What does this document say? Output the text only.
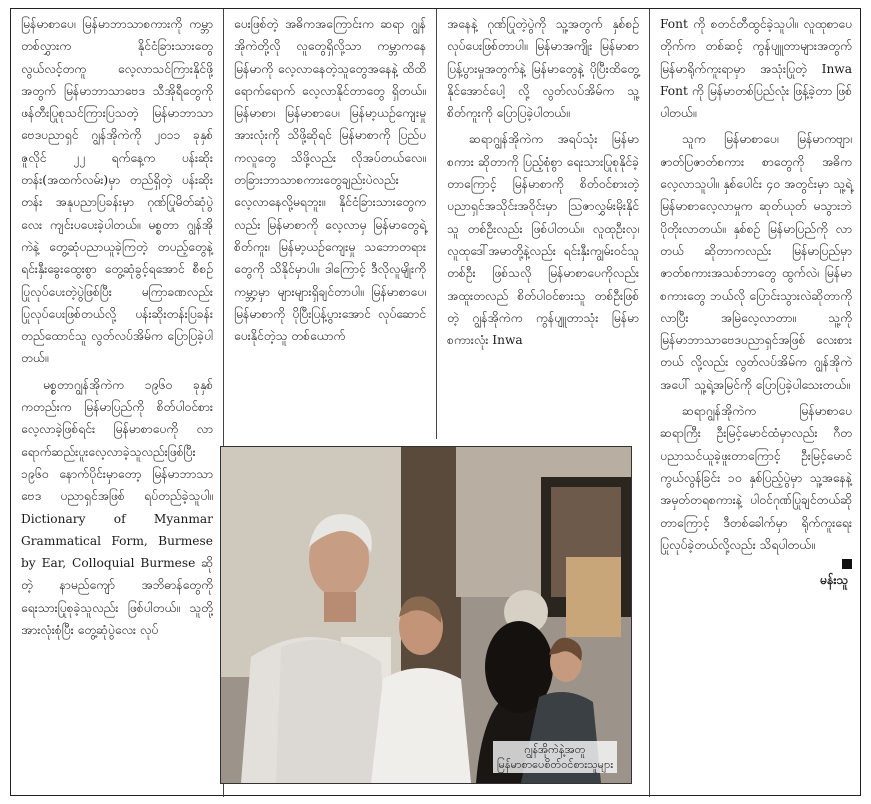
မြန်မာစာပေ၊ မြန်မာဘာသာစကားကို ကမ္ဘာတစ်လွှားက နိုင်ငံခြားသားတွေ လွယ်လင့်တကူ လေ့လာသင်ကြားနိုင်ဖို့အတွက် မြန်မာဘာသာဗေဒ သီအိုရီတွေကို ဖန်တီးပြုစုသင်ကြားပြသတဲ့ မြန်မာဘာသာဗေဒပညာရှင် ဂျွန်အိုကဲကို ၂၀၁၁ ခုနှစ် ဇူလိုင် ၂၂ ရက်နေ့က ပန်းဆိုးတန်း(အထက်လမ်း)မှာ တည်ရှိတဲ့ ပန်းဆိုးတန်း အနုပညာပြခန်းမှာ ဂုဏ်ပြုမိတ်ဆုံပွဲလေး ကျင်းပပေးခဲ့ပါတယ်။ မစ္စတာ ဂျွန်အိုကဲနဲ့ တွေ့ဆုံပညာယူခဲ့ကြတဲ့ တပည့်တွေနဲ့ ရင်းနှီးခွေးထွေးစွာ တွေ့ဆုံခွင့်ရအောင် စီစဉ်ပြုလုပ်ပေးတဲ့ပွဲဖြစ်ပြီး မကြာခဏလည်း ပြုလုပ်ပေးဖြစ်တယ်လို့ ပန်းဆိုးတန်းပြခန်း တည်ထောင်သူ လွတ်လပ်အိမ်က ပြောပြခဲ့ပါတယ်။

မစ္စတာဂျွန်အိုကဲက ၁၉၆၀ ခုနှစ်ကတည်းက မြန်မာပြည်ကို စိတ်ပါဝင်စားလေ့လာခဲ့ဖြစ်ရင်း မြန်မာစာပေကို လာရောက်ဆည်းပူးလေ့လာခဲ့သူလည်းဖြစ်ပြီး ၁၉၆၀ နောက်ပိုင်းမှာတော့ မြန်မာဘာသာဗေဒ ပညာရှင်အဖြစ် ရပ်တည်ခဲ့သူပါ။ Dictionary of Myanmar Grammatical Form, Burmese by Ear, Colloquial Burmese ဆိုတဲ့ နာမည်ကျော် အဘိဓာန်တွေကို ရေးသားပြုစုခဲ့သူလည်း ဖြစ်ပါတယ်။ သူတို့အားလုံးစုံပြီး တွေ့ဆုံပွဲလေး လုပ်

ပေးဖြစ်တဲ့ အဓိကအကြောင်းက ဆရာ ဂျွန်အိုကဲတို့လို လူတွေရှိလို့သာ ကမ္ဘာကနေ မြန်မာကို လေ့လာနေတဲ့သူတွေအနေနဲ့ ထိထိရောက်ရောက် လေ့လာနိုင်တာတွေ ရှိတယ်။ မြန်မာစာ၊ မြန်မာစာပေ၊ မြန်မာ့ယဉ်ကျေးမှုအားလုံးကို သိဖို့ဆိုရင် မြန်မာစာကို ပြည်ပကလူတွေ သိဖို့လည်း လိုအပ်တယ်လေ။ တခြားဘာသာစကားတွေချည်းပဲလည်း လေ့လာနေလို့မရဘူး။ နိုင်ငံခြားသားတွေကလည်း မြန်မာစာကို လေ့လာမှ မြန်မာတွေရဲ့ စိတ်ကူး၊ မြန်မာ့ယဉ်ကျေးမှု သဘောတရားတွေကို သိနိုင်မှာပါ။ ဒါကြောင့် ဒီလိုလူမျိုးကို ကမ္ဘာ့မှာ များများရှိချင်တာပါ။ မြန်မာစာပေ၊ မြန်မာစာကို ပိုပြီးပြန့်ပွားအောင် လုပ်ဆောင်ပေးနိုင်တဲ့သူ တစ်ယောက်

အနေနဲ့ ဂုဏ်ပြုတဲ့ပွဲကို သူ့အတွက် နှစ်စဉ် လုပ်ပေးဖြစ်တာပါ။ မြန်မာအကျိုး မြန်မာစာပြန့်ပွားမှုအတွက်နဲ့ မြန်မာတွေနဲ့ ပိုပြီးထိတွေ့နိုင်အောင်ပေါ့ လို့ လွတ်လပ်အိမ်က သူ့စိတ်ကူးကို ပြောပြခဲ့ပါတယ်။

ဆရာဂျွန်အိုကဲက အရပ်သုံး မြန်မာစကား ဆိုတာကို ပြည့်စုံစွာ ရေးသားပြုစုနိုင်ခဲ့တာကြောင့် မြန်မာစာကို စိတ်ဝင်စားတဲ့ ပညာရှင်အသိုင်းအဝိုင်းမှာ သြဇာလွှမ်းမိုးနိုင်သူ တစ်ဦးလည်း ဖြစ်ပါတယ်။ လူထုဦးလှ၊ လူထုဒေါ်အမာတို့နဲ့လည်း ရင်းနှီးကျွမ်းဝင်သူတစ်ဦး ဖြစ်သလို မြန်မာစာပေကိုလည်း အထူးတလည် စိတ်ပါဝင်စားသူ တစ်ဦးဖြစ်တဲ့ ဂျွန်အိုကဲက ကွန်ပျူတာသုံး မြန်မာစကားလုံး Inwa

Font ကို စတင်တီထွင်ခဲ့သူပါ။ လူထုစာပေတိုက်က တစ်ဆင့် ကွန်ပျူတာများအတွက် မြန်မာရိုက်ကူးရာမှာ အသုံးပြုတဲ့ Inwa Font ကို မြန်မာတစ်ပြည်လုံး ဖြန့်ခဲ့တာ ဖြစ်ပါတယ်။

သူက မြန်မာစာပေ၊ မြန်မာကဗျာ၊ ဇာတ်ပြဇာတ်စကား စာတွေကို အဓိက လေ့လာသူပါ။ နှစ်ပေါင်း ၄၀ အတွင်းမှာ သူ့ရဲ့ မြန်မာစာလေ့လာမှုက ဆုတ်ယုတ် မသွားဘဲ ပိုတိုးလာတယ်။ နှစ်စဉ် မြန်မာပြည်ကို လာတယ် ဆိုတာကလည်း မြန်မာပြည်မှာ ဇာတ်စကားအသစ်ဘာတွေ ထွက်လဲ၊ မြန်မာစကားတွေ ဘယ်လို ပြောင်းသွားလဲဆိုတာကို လာပြီး အမြဲလေ့လာတာ။ သူ့ကို မြန်မာဘာသာဗေဒပညာရှင်အဖြစ် လေးစားတယ် လို့လည်း လွတ်လပ်အိမ်က ဂျွန်အိုကဲအပေါ် သူ့ရဲ့အမြင်ကို ပြောပြခဲ့ပါသေးတယ်။

ဆရာဂျွန်အိုကဲက မြန်မာစာပေဆရာကြီး ဦးမြင့်မောင်ထံမှာလည်း ဂီတပညာသင်ယူခဲ့ဖူးတာကြောင့် ဦးမြင့်မောင် ကွယ်လွန်ခြင်း ၁၀ နှစ်ပြည့်ပွဲမှာ သူ့အနေနဲ့ အမှတ်တရစကားနဲ့ ပါဝင်ဂုဏ်ပြုချင်တယ်ဆိုတာကြောင့် ဒီတစ်ခေါက်မှာ ရိုက်ကူးရေး ပြုလုပ်ခဲ့တယ်လို့လည်း သိရပါတယ်။

မန်းသူ
ဂျွန်အိုကဲနဲ့အတူ
မြန်မာစာပေစိတ်ဝင်စားသူများ
